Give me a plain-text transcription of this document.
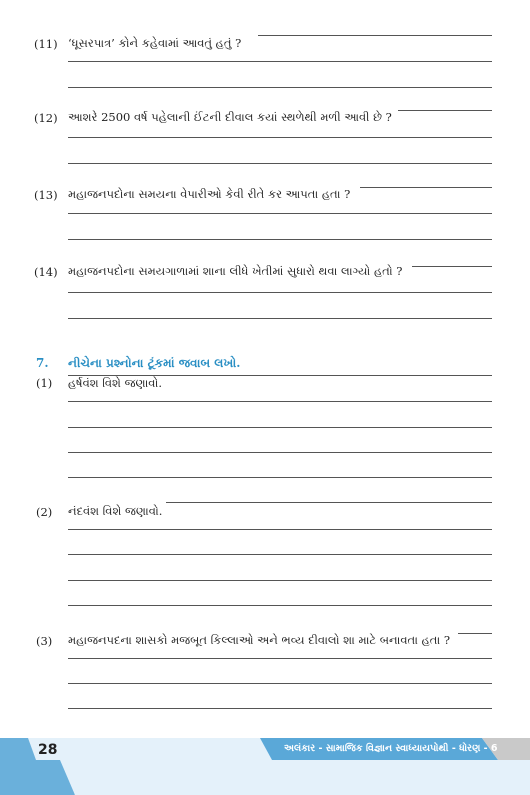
(11) ‘ધૂસરપાત્ર’ કોને કહેવામાં આવતું હતું ?
(12) આશરે 2500 વર્ષ પહેલાની ઈંટની દીવાલ કયાં સ્થળેથી મળી આવી છે ?
(13) મહાજનપદોના સમયના વેપારીઓ કેવી રીતે કર આપતા હતા ?
(14) મહાજનપદોના સમયગાળામાં શાના લીધે ખેતીમાં સુધારો થવા લાગ્યો હતો ?
7. નીચેના પ્રશ્નોના ટૂંકમાં જવાબ લખો.
(1) હર્ષવંશ વિશે જણાવો.
(2) નંદવંશ વિશે જણાવો.
(3) મહાજનપદના શાસકો મજબૂત કિલ્લાઓ અને ભવ્ય દીવાલો શા માટે બનાવતા હતા ?
28	અલંકાર - સામાજિક વિજ્ઞાન સ્વાધ્યાયપોથી - ધોરણ - 6
